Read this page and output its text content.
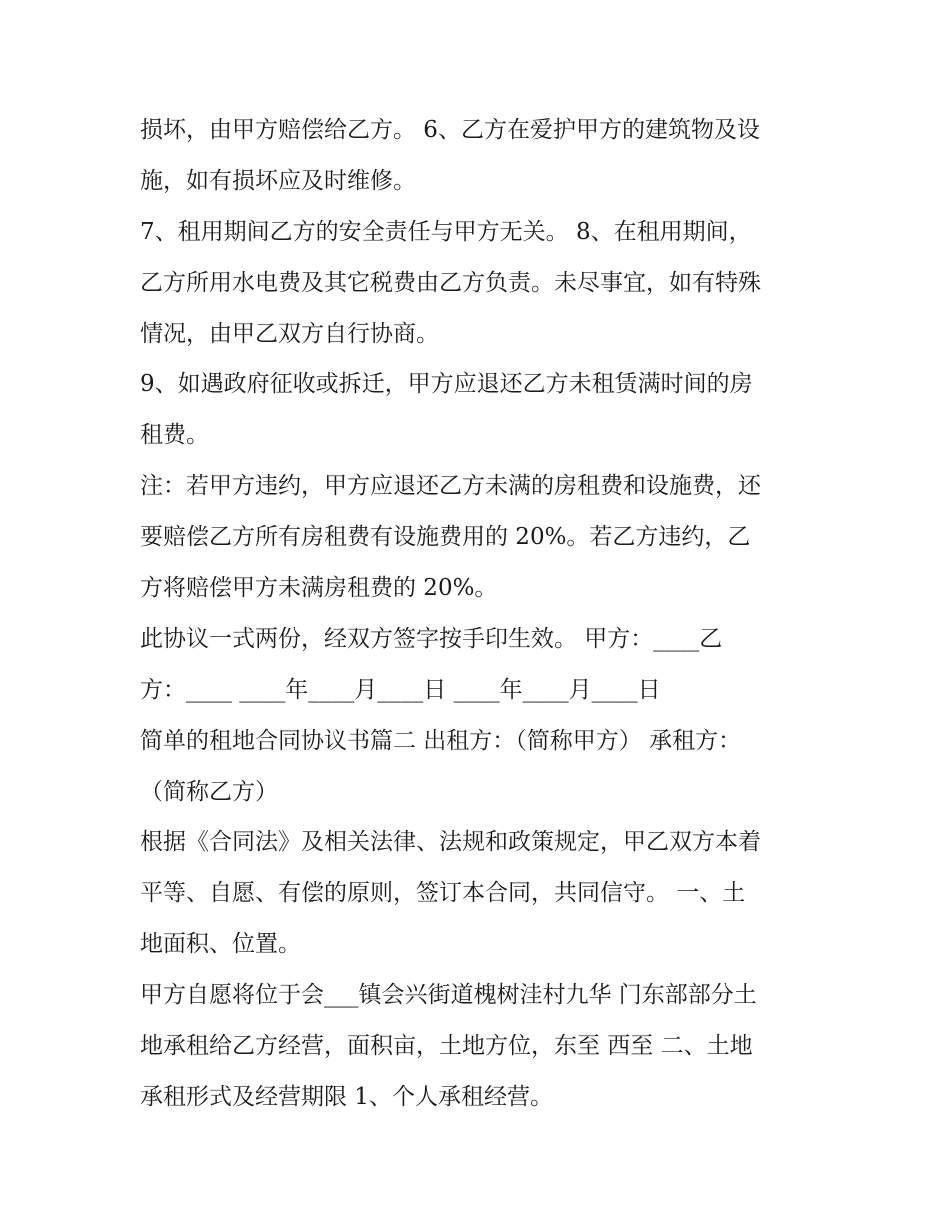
损坏，由甲方赔偿给乙方。 6、乙方在爱护甲方的建筑物及设
施，如有损坏应及时维修。
7、租用期间乙方的安全责任与甲方无关。 8、在租用期间，
乙方所用水电费及其它税费由乙方负责。未尽事宜，如有特殊
情况，由甲乙双方自行协商。
9、如遇政府征收或拆迁，甲方应退还乙方未租赁满时间的房
租费。
注：若甲方违约，甲方应退还乙方未满的房租费和设施费，还
要赔偿乙方所有房租费有设施费用的 20%。若乙方违约，乙
方将赔偿甲方未满房租费的 20%。
此协议一式两份，经双方签字按手印生效。 甲方：____乙
方：____ ____年____月____日 ____年____月____日
简单的租地合同协议书篇二 出租方：（简称甲方） 承租方：
（简称乙方）
根据《合同法》及相关法律、法规和政策规定，甲乙双方本着
平等、自愿、有偿的原则，签订本合同，共同信守。 一、土
地面积、位置。
甲方自愿将位于会___镇会兴街道槐树洼村九华 门东部部分土
地承租给乙方经营，面积亩，土地方位，东至 西至 二、土地
承租形式及经营期限 1、个人承租经营。
